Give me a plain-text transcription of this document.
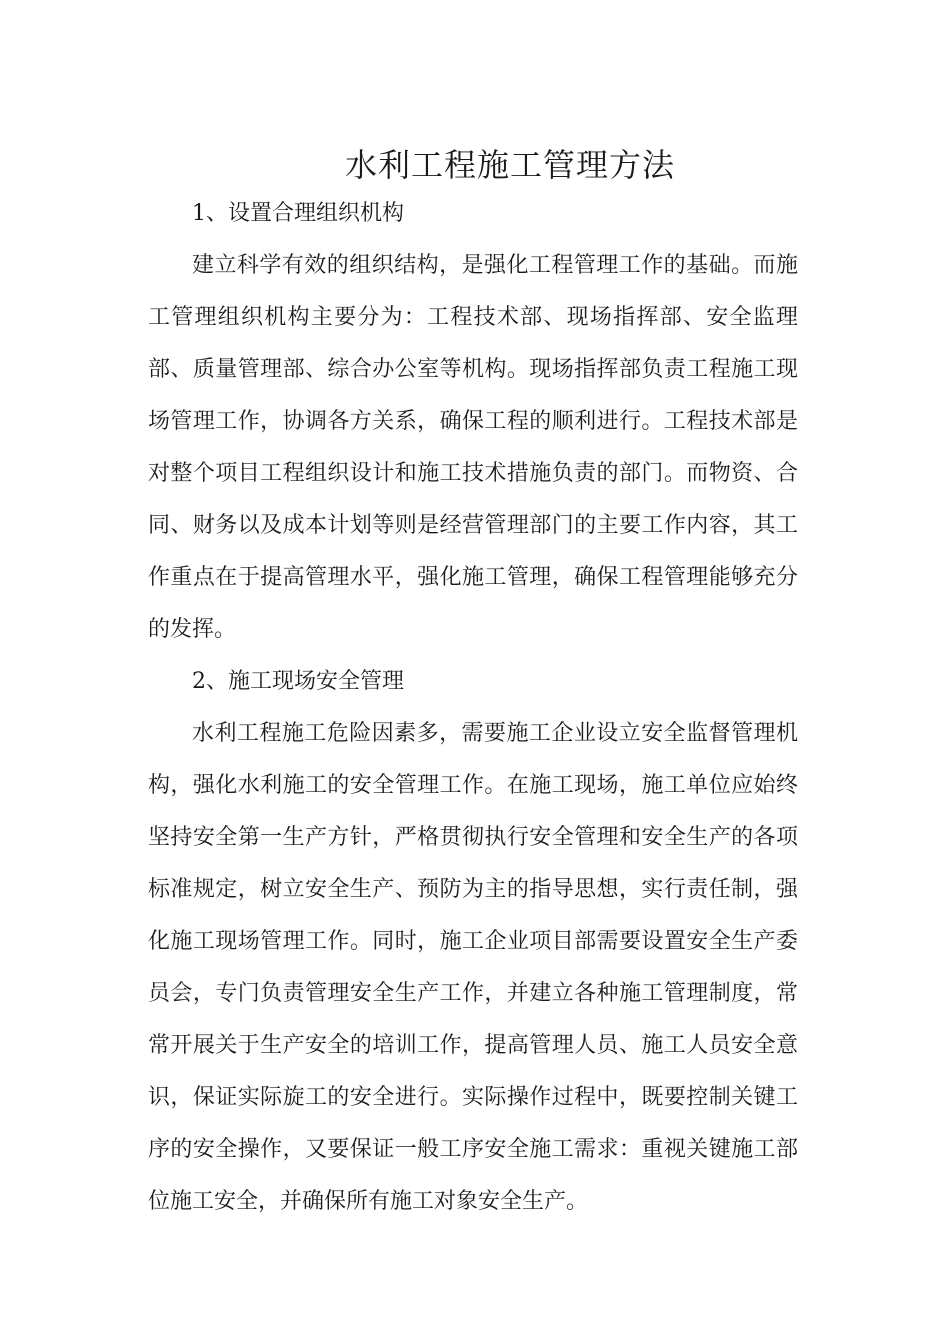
水利工程施工管理方法

1、设置合理组织机构

建立科学有效的组织结构，是强化工程管理工作的基础。而施工管理组织机构主要分为：工程技术部、现场指挥部、安全监理部、质量管理部、综合办公室等机构。现场指挥部负责工程施工现场管理工作，协调各方关系，确保工程的顺利进行。工程技术部是对整个项目工程组织设计和施工技术措施负责的部门。而物资、合同、财务以及成本计划等则是经营管理部门的主要工作内容，其工作重点在于提高管理水平，强化施工管理，确保工程管理能够充分的发挥。

2、施工现场安全管理

水利工程施工危险因素多，需要施工企业设立安全监督管理机构，强化水利施工的安全管理工作。在施工现场，施工单位应始终坚持安全第一生产方针，严格贯彻执行安全管理和安全生产的各项标准规定，树立安全生产、预防为主的指导思想，实行责任制，强化施工现场管理工作。同时，施工企业项目部需要设置安全生产委员会，专门负责管理安全生产工作，并建立各种施工管理制度，常常开展关于生产安全的培训工作，提高管理人员、施工人员安全意识，保证实际旋工的安全进行。实际操作过程中，既要控制关键工序的安全操作，又要保证一般工序安全施工需求：重视关键施工部位施工安全，并确保所有施工对象安全生产。
